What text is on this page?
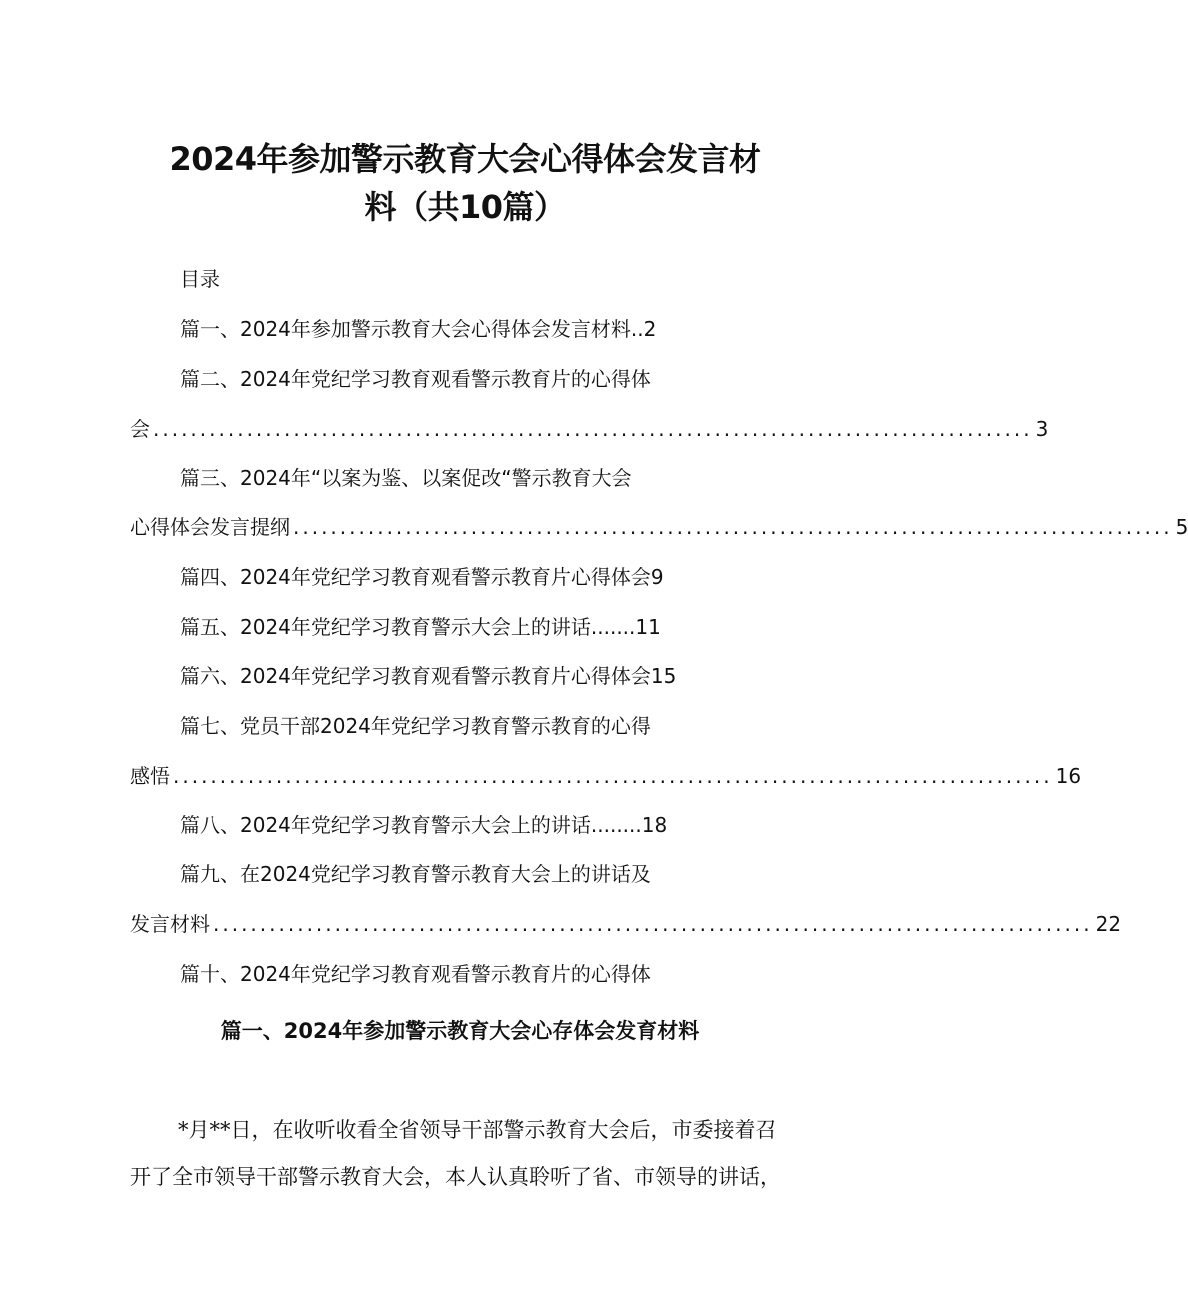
2024年参加警示教育大会心得体会发言材
料（共10篇）
目录
篇一、2024年参加警示教育大会心得体会发言材料..2
篇二、2024年党纪学习教育观看警示教育片的心得体
会 .............................................................................................. 3
篇三、2024年“以案为鉴、以案促改“警示教育大会
心得体会发言提纲 .............................................................................................. 5
篇四、2024年党纪学习教育观看警示教育片心得体会9
篇五、2024年党纪学习教育警示大会上的讲话.......11
篇六、2024年党纪学习教育观看警示教育片心得体会15
篇七、党员干部2024年党纪学习教育警示教育的心得
感悟 .............................................................................................. 16
篇八、2024年党纪学习教育警示大会上的讲话........18
篇九、在2024党纪学习教育警示教育大会上的讲话及
发言材料 .............................................................................................. 22
篇十、2024年党纪学习教育观看警示教育片的心得体
篇一、2024年参加警示教育大会心存体会发育材料
*月**日，在收听收看全省领导干部警示教育大会后，市委接着召
开了全市领导干部警示教育大会，本人认真聆听了省、市领导的讲话，
